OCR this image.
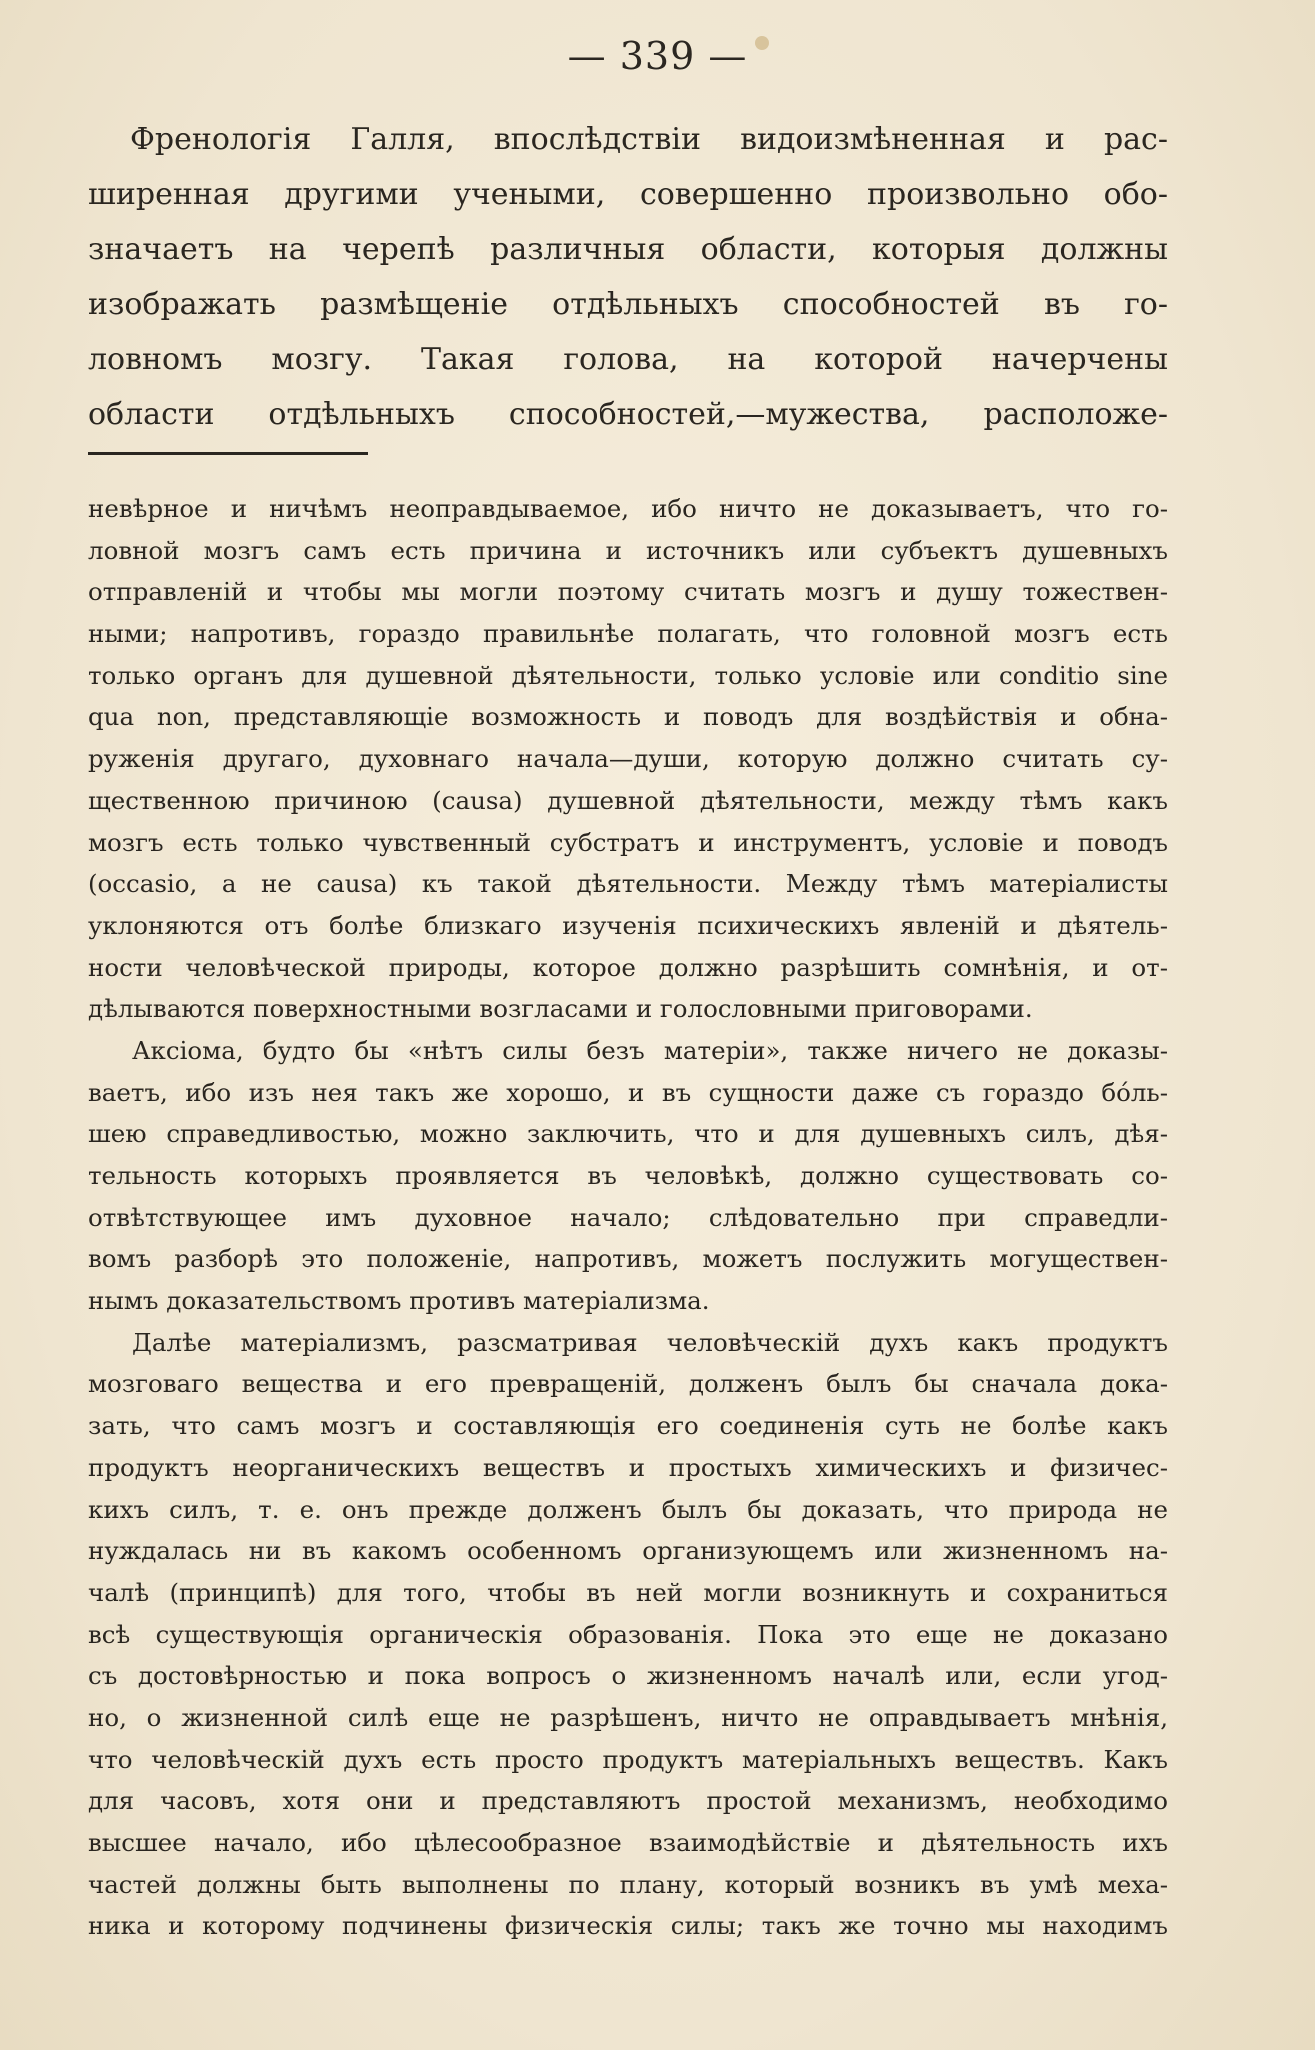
— 339 —
Френологія Галля, впослѣдствіи видоизмѣненная и рас-
ширенная другими учеными, совершенно произвольно обо-
значаетъ на черепѣ различныя области, которыя должны
изображать размѣщеніе отдѣльныхъ способностей въ го-
ловномъ мозгу. Такая голова, на которой начерчены
области отдѣльныхъ способностей,—мужества, расположе-
невѣрное и ничѣмъ неоправдываемое, ибо ничто не доказываетъ, что го-
ловной мозгъ самъ есть причина и источникъ или субъектъ душевныхъ
отправленій и чтобы мы могли поэтому считать мозгъ и душу тожествен-
ными; напротивъ, гораздо правильнѣе полагать, что головной мозгъ есть
только органъ для душевной дѣятельности, только условіе или conditio sine
qua non, представляющіе возможность и поводъ для воздѣйствія и обна-
руженія другаго, духовнаго начала—души, которую должно считать су-
щественною причиною (causa) душевной дѣятельности, между тѣмъ какъ
мозгъ есть только чувственный субстратъ и инструментъ, условіе и поводъ
(occasio, а не causa) къ такой дѣятельности. Между тѣмъ матеріалисты
уклоняются отъ болѣе близкаго изученія психическихъ явленій и дѣятель-
ности человѣческой природы, которое должно разрѣшить сомнѣнія, и от-
дѣлываются поверхностными возгласами и голословными приговорами.
Аксіома, будто бы «нѣтъ силы безъ матеріи», также ничего не доказы-
ваетъ, ибо изъ нея такъ же хорошо, и въ сущности даже съ гораздо бóль-
шею справедливостью, можно заключить, что и для душевныхъ силъ, дѣя-
тельность которыхъ проявляется въ человѣкѣ, должно существовать со-
отвѣтствующее имъ духовное начало; слѣдовательно при справедли-
вомъ разборѣ это положеніе, напротивъ, можетъ послужить могуществен-
нымъ доказательствомъ противъ матеріализма.
Далѣе матеріализмъ, разсматривая человѣческій духъ какъ продуктъ
мозговаго вещества и его превращеній, долженъ былъ бы сначала дока-
зать, что самъ мозгъ и составляющія его соединенія суть не болѣе какъ
продуктъ неорганическихъ веществъ и простыхъ химическихъ и физичес-
кихъ силъ, т. е. онъ прежде долженъ былъ бы доказать, что природа не
нуждалась ни въ какомъ особенномъ организующемъ или жизненномъ на-
чалѣ (принципѣ) для того, чтобы въ ней могли возникнуть и сохраниться
всѣ существующія органическія образованія. Пока это еще не доказано
съ достовѣрностью и пока вопросъ о жизненномъ началѣ или, если угод-
но, о жизненной силѣ еще не разрѣшенъ, ничто не оправдываетъ мнѣнія,
что человѣческій духъ есть просто продуктъ матеріальныхъ веществъ. Какъ
для часовъ, хотя они и представляютъ простой механизмъ, необходимо
высшее начало, ибо цѣлесообразное взаимодѣйствіе и дѣятельность ихъ
частей должны быть выполнены по плану, который возникъ въ умѣ меха-
ника и которому подчинены физическія силы; такъ же точно мы находимъ
